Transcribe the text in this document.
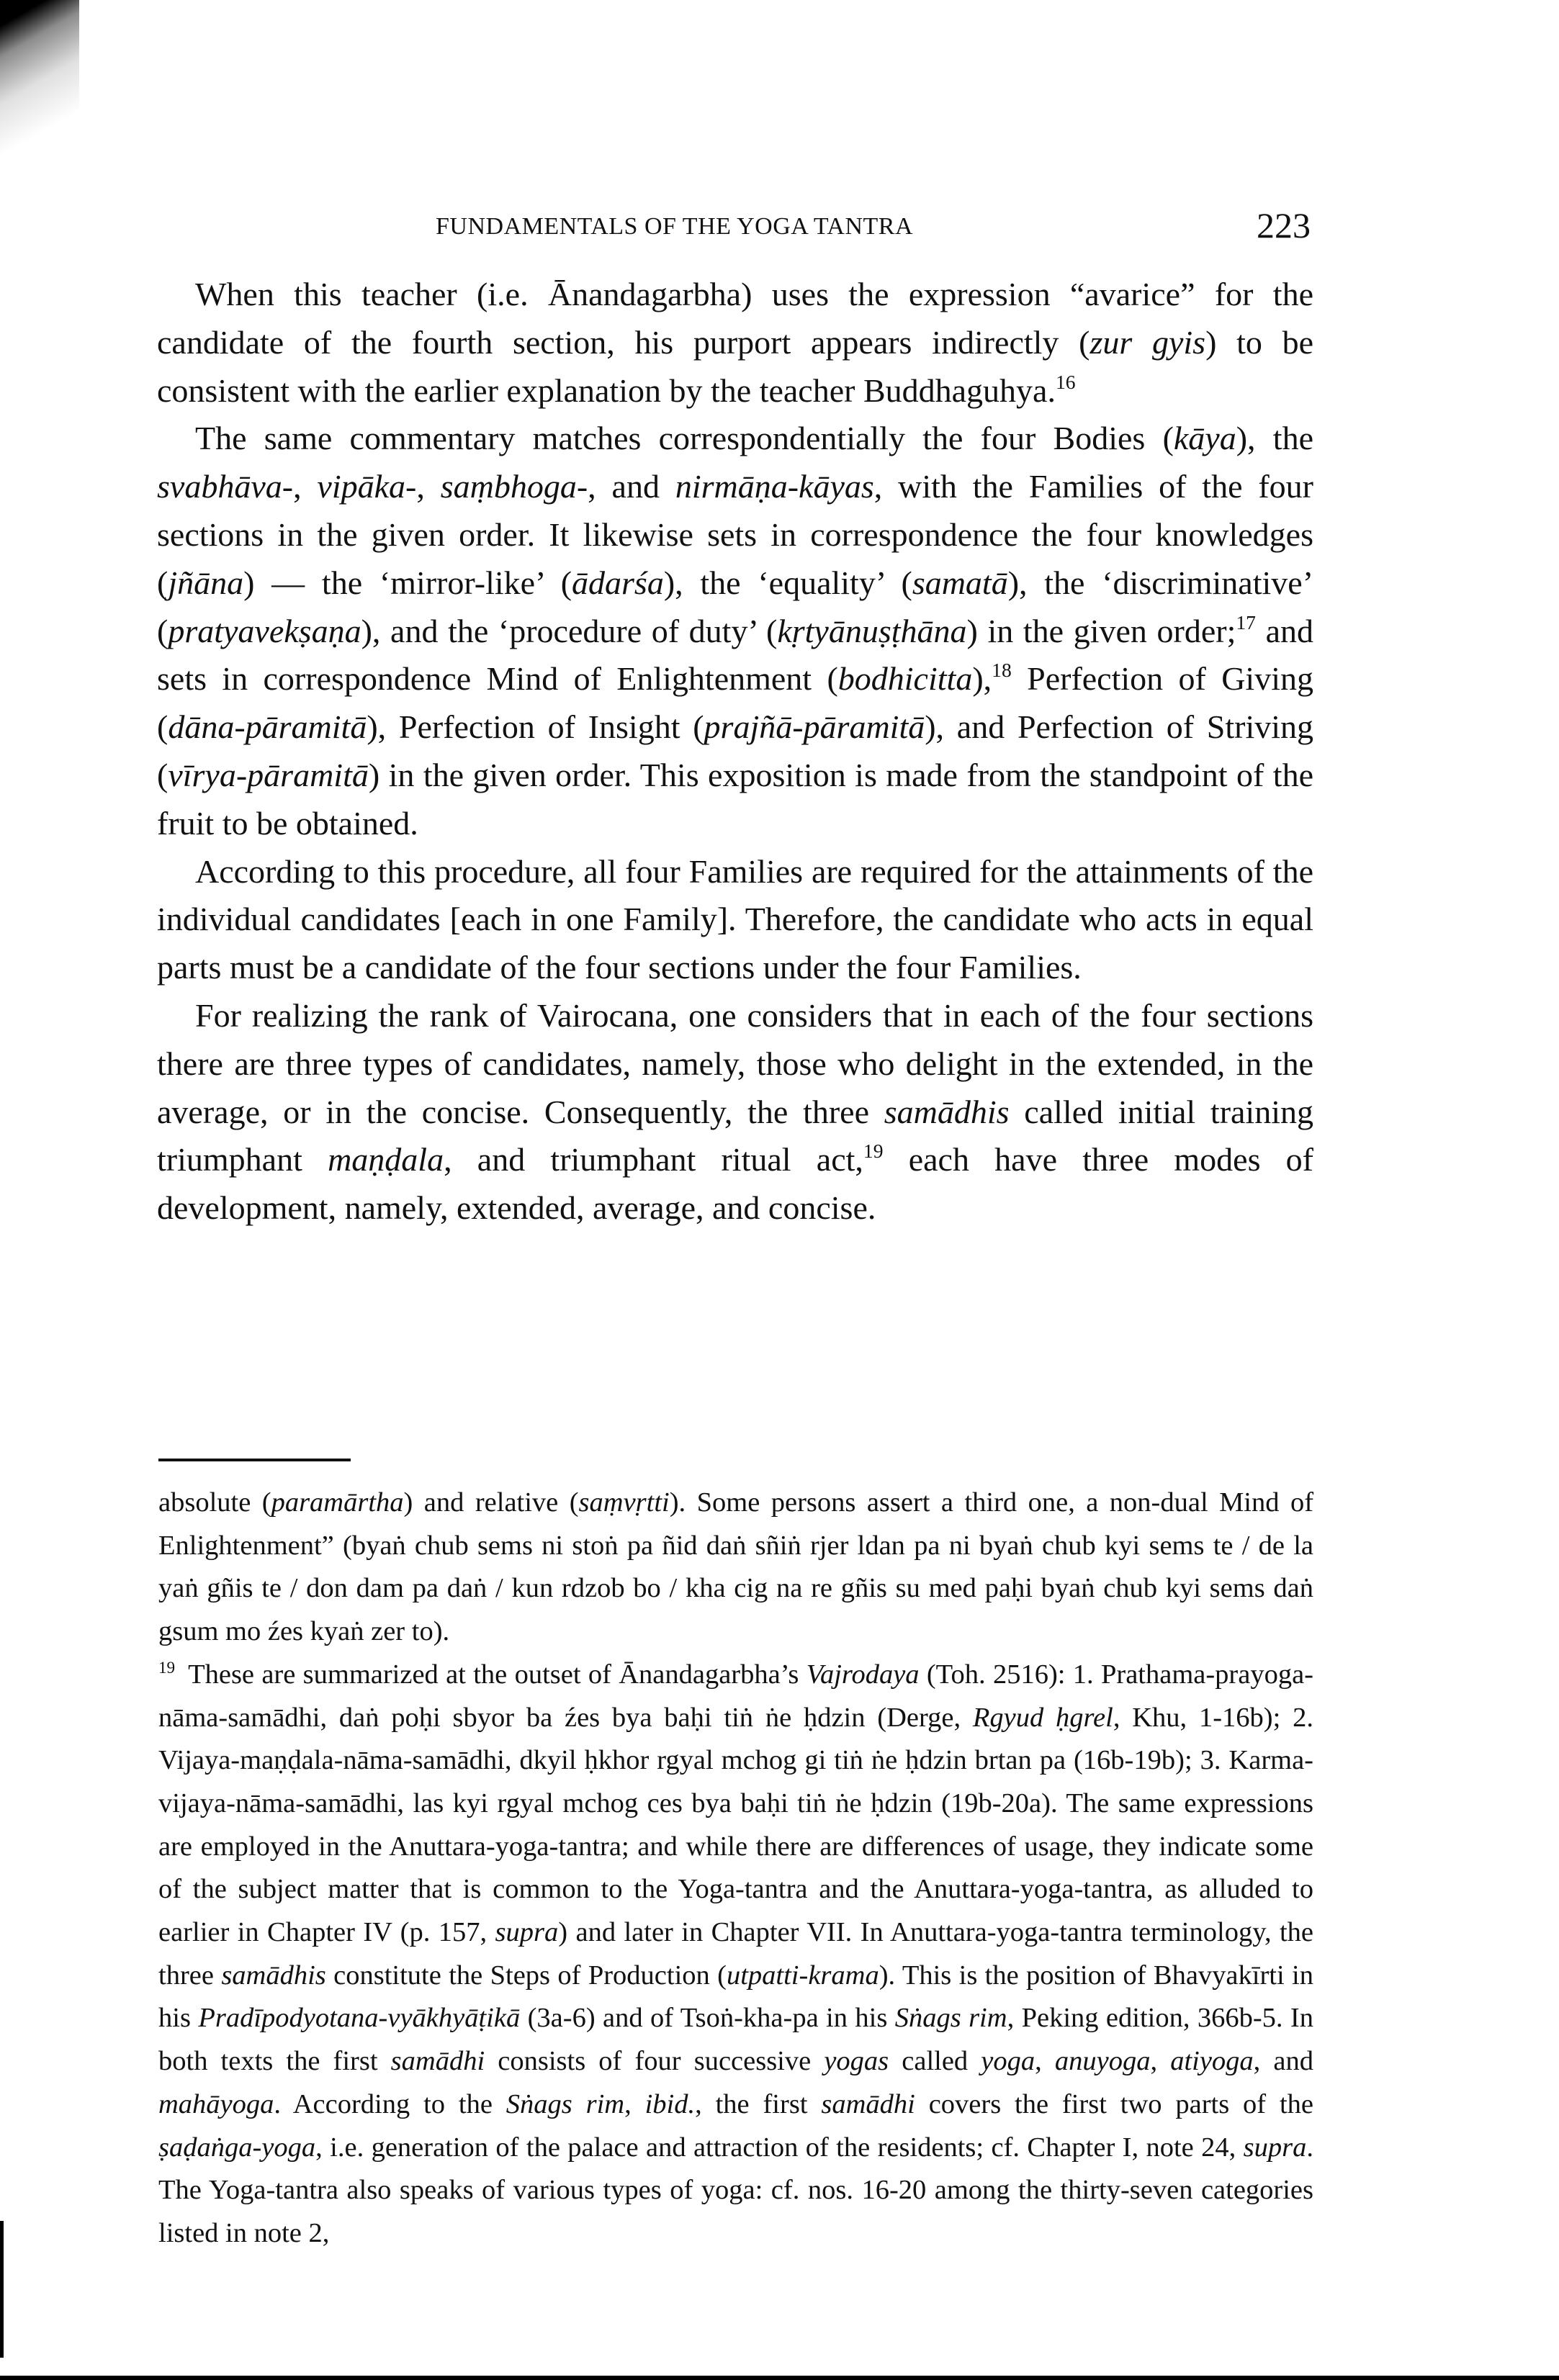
FUNDAMENTALS OF THE YOGA TANTRA	223

When this teacher (i.e. Ānandagarbha) uses the expression “avarice” for the candidate of the fourth section, his purport appears indirectly (zur gyis) to be consistent with the earlier explanation by the teacher Buddhaguhya.$^{16}$

The same commentary matches correspondentially the four Bodies (kāya), the svabhāva-, vipāka-, saṃbhoga-, and nirmāṇa-kāyas, with the Families of the four sections in the given order. It likewise sets in correspondence the four knowledges (jñāna) — the ‘mirror-like’ (ādarśa), the ‘equality’ (samatā), the ‘discriminative’ (pratyavekṣaṇa), and the ‘procedure of duty’ (kṛtyānuṣṭhāna) in the given order;$^{17}$ and sets in correspondence Mind of Enlightenment (bodhicitta),$^{18}$ Perfection of Giving (dāna-pāramitā), Perfection of Insight (prajñā-pāramitā), and Perfection of Striving (vīrya-pāramitā) in the given order. This exposition is made from the standpoint of the fruit to be obtained.

According to this procedure, all four Families are required for the attainments of the individual candidates [each in one Family]. Therefore, the candidate who acts in equal parts must be a candidate of the four sections under the four Families.

For realizing the rank of Vairocana, one considers that in each of the four sections there are three types of candidates, namely, those who delight in the extended, in the average, or in the concise. Consequently, the three samādhis called initial training triumphant maṇḍala, and triumphant ritual act,$^{19}$ each have three modes of development, namely, extended, average, and concise.

absolute (paramārtha) and relative (saṃvṛtti). Some persons assert a third one, a non-dual Mind of Enlightenment” (byaṅ chub sems ni stoṅ pa ñid daṅ sñiṅ rjer ldan pa ni byaṅ chub kyi sems te / de la yaṅ gñis te / don dam pa daṅ / kun rdzob bo / kha cig na re gñis su med paḥi byaṅ chub kyi sems daṅ gsum mo źes kyaṅ zer to).

$^{19}$ These are summarized at the outset of Ānandagarbha’s Vajrodaya (Toh. 2516): 1. Prathama-prayoga-nāma-samādhi, daṅ poḥi sbyor ba źes bya baḥi tiṅ ṅe ḥdzin (Derge, Rgyud ḥgrel, Khu, 1-16b); 2. Vijaya-maṇḍala-nāma-samādhi, dkyil ḥkhor rgyal mchog gi tiṅ ṅe ḥdzin brtan pa (16b-19b); 3. Karma-vijaya-nāma-samādhi, las kyi rgyal mchog ces bya baḥi tiṅ ṅe ḥdzin (19b-20a). The same expressions are employed in the Anuttara-yoga-tantra; and while there are differences of usage, they indicate some of the subject matter that is common to the Yoga-tantra and the Anuttara-yoga-tantra, as alluded to earlier in Chapter IV (p. 157, supra) and later in Chapter VII. In Anuttara-yoga-tantra terminology, the three samādhis constitute the Steps of Production (utpatti-krama). This is the position of Bhavyakīrti in his Pradīpodyotana-vyākhyāṭikā (3a-6) and of Tsoṅ-kha-pa in his Sṅags rim, Peking edition, 366b-5. In both texts the first samādhi consists of four successive yogas called yoga, anuyoga, atiyoga, and mahāyoga. According to the Sṅags rim, ibid., the first samādhi covers the first two parts of the ṣaḍaṅga-yoga, i.e. generation of the palace and attraction of the residents; cf. Chapter I, note 24, supra. The Yoga-tantra also speaks of various types of yoga: cf. nos. 16-20 among the thirty-seven categories listed in note 2,
